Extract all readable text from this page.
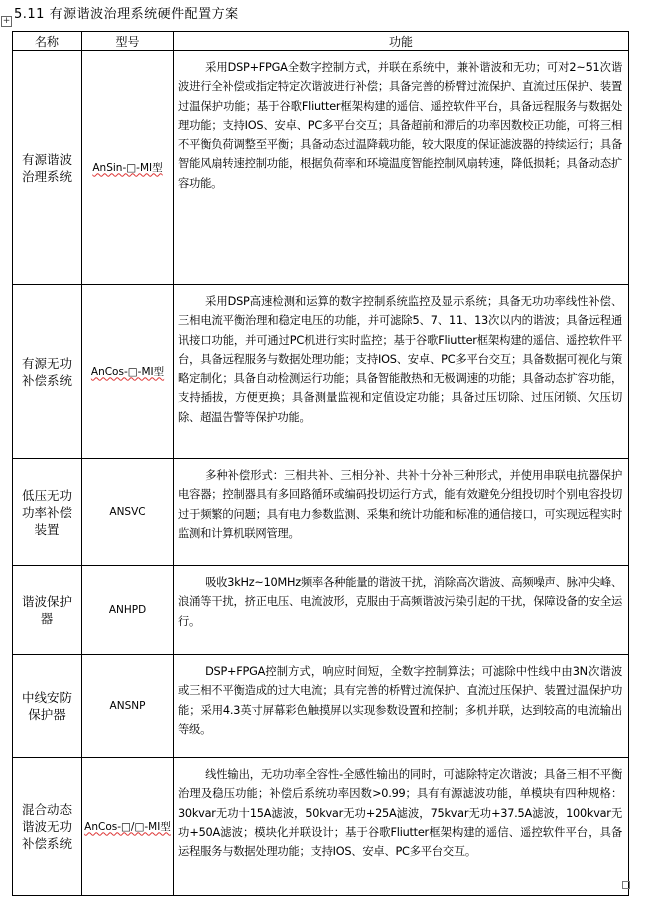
+ 5.11 有源谐波治理系统硬件配置方案
名称	型号	功能
有源谐波治理系统	AnSin-□-MI型	采用DSP+FPGA全数字控制方式，并联在系统中，兼补谐波和无功；可对2~51次谐波进行全补偿或指定特定次谐波进行补偿；具备完善的桥臂过流保护、直流过压保护、装置过温保护功能；基于谷歌Fliutter框架构建的遥信、遥控软件平台，具备远程服务与数据处理功能；支持IOS、安卓、PC多平台交互；具备超前和滞后的功率因数校正功能，可将三相不平衡负荷调整至平衡；具备动态过温降载功能，较大限度的保证滤波器的持续运行；具备智能风扇转速控制功能，根据负荷率和环境温度智能控制风扇转速，降低损耗；具备动态扩容功能。
有源无功补偿系统	AnCos-□-MI型	采用DSP高速检测和运算的数字控制系统监控及显示系统；具备无功功率线性补偿、三相电流平衡治理和稳定电压的功能，并可滤除5、7、11、13次以内的谐波；具备远程通讯接口功能，并可通过PC机进行实时监控；基于谷歌Fliutter框架构建的遥信、遥控软件平台，具备远程服务与数据处理功能；支持IOS、安卓、PC多平台交互；具备数据可视化与策略定制化；具备自动检测运行功能；具备智能散热和无极调速的功能；具备动态扩容功能，支持插拔，方便更换；具备测量监视和定值设定功能；具备过压切除、过压闭锁、欠压切除、超温告警等保护功能。
低压无功功率补偿装置	ANSVC	多种补偿形式：三相共补、三相分补、共补十分补三种形式，并使用串联电抗器保护电容器；控制器具有多回路循环或编码投切运行方式，能有效避免分组投切时个别电容投切过于频繁的问题；具有电力参数监测、采集和统计功能和标准的通信接口，可实现远程实时监测和计算机联网管理。
谐波保护器	ANHPD	吸收3kHz~10MHz频率各种能量的谐波干扰，消除高次谐波、高频噪声、脉冲尖峰、浪涌等干扰，挤正电压、电流波形，克服由于高频谐波污染引起的干扰，保障设备的安全运行。
中线安防保护器	ANSNP	DSP+FPGA控制方式，响应时间短，全数字控制算法；可滤除中性线中由3N次谐波或三相不平衡造成的过大电流；具有完善的桥臂过流保护、直流过压保护、装置过温保护功能；采用4.3英寸屏幕彩色触摸屏以实现参数设置和控制；多机并联，达到较高的电流输出等级。
混合动态谐波无功补偿系统	AnCos-□/□-MI型	线性输出，无功功率全容性-全感性输出的同时，可滤除特定次谐波；具备三相不平衡治理及稳压功能；补偿后系统功率因数>0.99；具有有源滤波功能，单模块有四种规格：30kvar无功十15A滤波，50kvar无功+25A滤波，75kvar无功+37.5A滤波，100kvar无功+50A滤波；模块化并联设计；基于谷歌Fliutter框架构建的遥信、遥控软件平台，具备运程服务与数据处理功能；支持IOS、安卓、PC多平台交互。
